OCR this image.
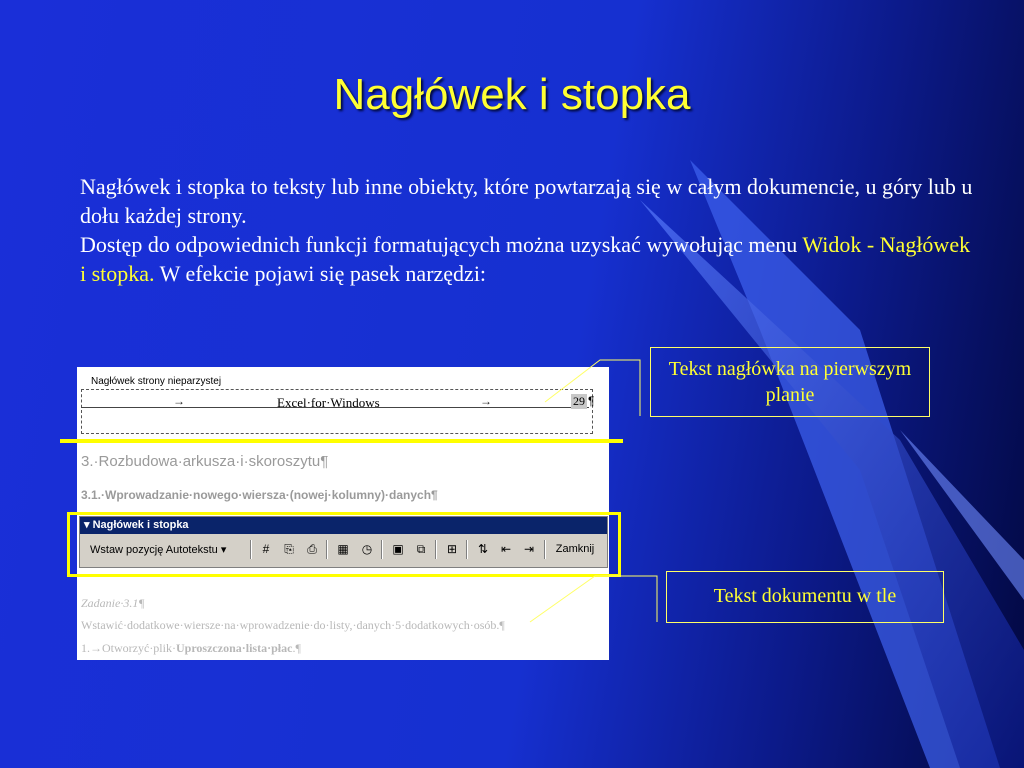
Nagłówek i stopka
Nagłówek i stopka to teksty lub inne obiekty, które powtarzają się w całym dokumencie, u góry lub u dołu każdej strony.
Dostęp do odpowiednich funkcji formatujących można uzyskać wywołując menu Widok - Nagłówek i stopka. W efekcie pojawi się pasek narzędzi:
Nagłówek strony nieparzystej
→	Excel·for·Windows	→	29 ¶
3.·Rozbudowa·arkusza·i·skoroszytu¶
3.1.·Wprowadzanie·nowego·wiersza·(nowej·kolumny)·danych¶
Zadanie·3.1¶
Wstawić·dodatkowe·wiersze·na·wprowadzenie·do·listy,·danych·5·dodatkowych·osób.¶
1.→Otworzyć·plik·Uproszczona·lista·płac.¶
▾ Nagłówek i stopka
Wstaw pozycję Autotekstu ▾	#	⎘	⎙	▦	◷	▣	⧉	⊞	⇅	⇤	⇥	Zamknij
Tekst nagłówka na pierwszym planie
Tekst dokumentu w tle
